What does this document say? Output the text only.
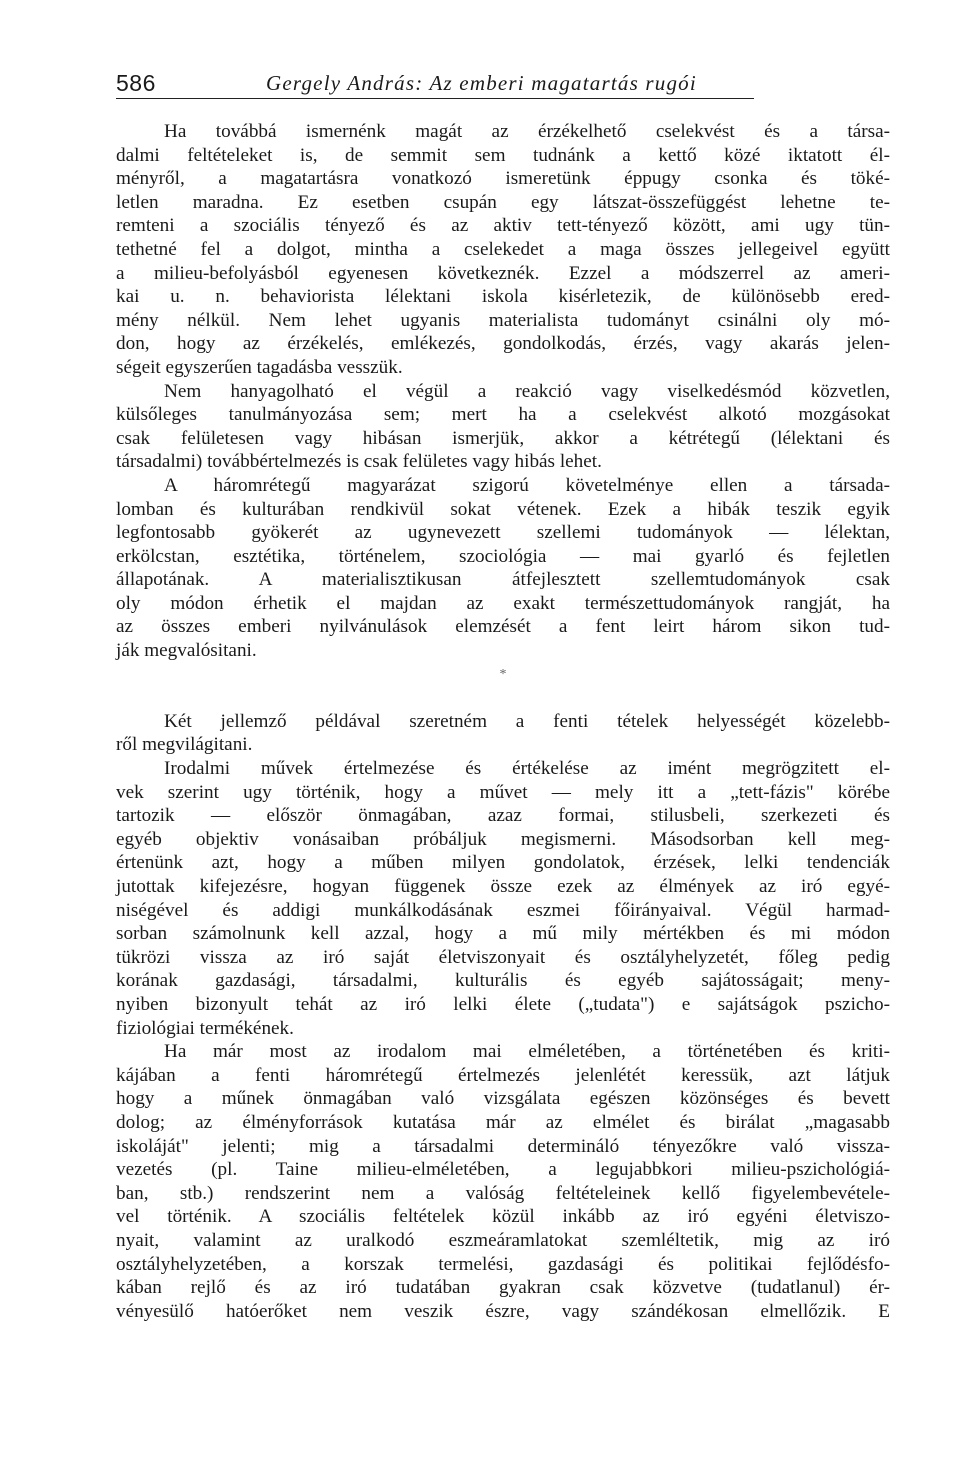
586	Gergely András: Az emberi magatartás rugói
Ha továbbá ismernénk magát az érzékelhető cselekvést és a társa-
dalmi feltételeket is, de semmit sem tudnánk a kettő közé iktatott él-
ményről, a magatartásra vonatkozó ismeretünk éppugy csonka és töké-
letlen maradna. Ez esetben csupán egy látszat-összefüggést lehetne te-
remteni a szociális tényező és az aktiv tett-tényező között, ami ugy tün-
tethetné fel a dolgot, mintha a cselekedet a maga összes jellegeivel együtt
a milieu-befolyásból egyenesen következnék. Ezzel a módszerrel az ameri-
kai u. n. behaviorista lélektani iskola kisérletezik, de különösebb ered-
mény nélkül. Nem lehet ugyanis materialista tudományt csinálni oly mó-
don, hogy az érzékelés, emlékezés, gondolkodás, érzés, vagy akarás jelen-
ségeit egyszerűen tagadásba vesszük.
Nem hanyagolható el végül a reakció vagy viselkedésmód közvetlen,
külsőleges tanulmányozása sem; mert ha a cselekvést alkotó mozgásokat
csak felületesen vagy hibásan ismerjük, akkor a kétrétegű (lélektani és
társadalmi) továbbértelmezés is csak felületes vagy hibás lehet.
A háromrétegű magyarázat szigorú követelménye ellen a társada-
lomban és kulturában rendkivül sokat vétenek. Ezek a hibák teszik egyik
legfontosabb gyökerét az ugynevezett szellemi tudományok — lélektan,
erkölcstan, esztétika, történelem, szociológia — mai gyarló és fejletlen
állapotának. A materialisztikusan átfejlesztett szellemtudományok csak
oly módon érhetik el majdan az exakt természettudományok rangját, ha
az összes emberi nyilvánulások elemzését a fent leirt három sikon tud-
ják megvalósitani.
*
Két jellemző példával szeretném a fenti tételek helyességét közelebb-
ről megvilágitani.
Irodalmi művek értelmezése és értékelése az imént megrögzitett el-
vek szerint ugy történik, hogy a művet — mely itt a „tett-fázis" körébe
tartozik — először önmagában, azaz formai, stilusbeli, szerkezeti és
egyéb objektiv vonásaiban próbáljuk megismerni. Másodsorban kell meg-
értenünk azt, hogy a műben milyen gondolatok, érzések, lelki tendenciák
jutottak kifejezésre, hogyan függenek össze ezek az élmények az iró egyé-
niségével és addigi munkálkodásának eszmei főirányaival. Végül harmad-
sorban számolnunk kell azzal, hogy a mű mily mértékben és mi módon
tükrözi vissza az iró saját életviszonyait és osztályhelyzetét, főleg pedig
korának gazdasági, társadalmi, kulturális és egyéb sajátosságait; meny-
nyiben bizonyult tehát az iró lelki élete („tudata") e sajátságok pszicho-
fiziológiai termékének.
Ha már most az irodalom mai elméletében, a történetében és kriti-
kájában a fenti háromrétegű értelmezés jelenlétét keressük, azt látjuk
hogy a műnek önmagában való vizsgálata egészen közönséges és bevett
dolog; az élményforrások kutatása már az elmélet és birálat „magasabb
iskoláját" jelenti; mig a társadalmi determináló tényezőkre való vissza-
vezetés (pl. Taine milieu-elméletében, a legujabbkori milieu-pszichológiá-
ban, stb.) rendszerint nem a valóság feltételeinek kellő figyelembevétele-
vel történik. A szociális feltételek közül inkább az iró egyéni életviszo-
nyait, valamint az uralkodó eszmeáramlatokat szemléltetik, mig az iró
osztályhelyzetében, a korszak termelési, gazdasági és politikai fejlődésfo-
kában rejlő és az iró tudatában gyakran csak közvetve (tudatlanul) ér-
vényesülő hatóerőket nem veszik észre, vagy szándékosan elmellőzik. E
